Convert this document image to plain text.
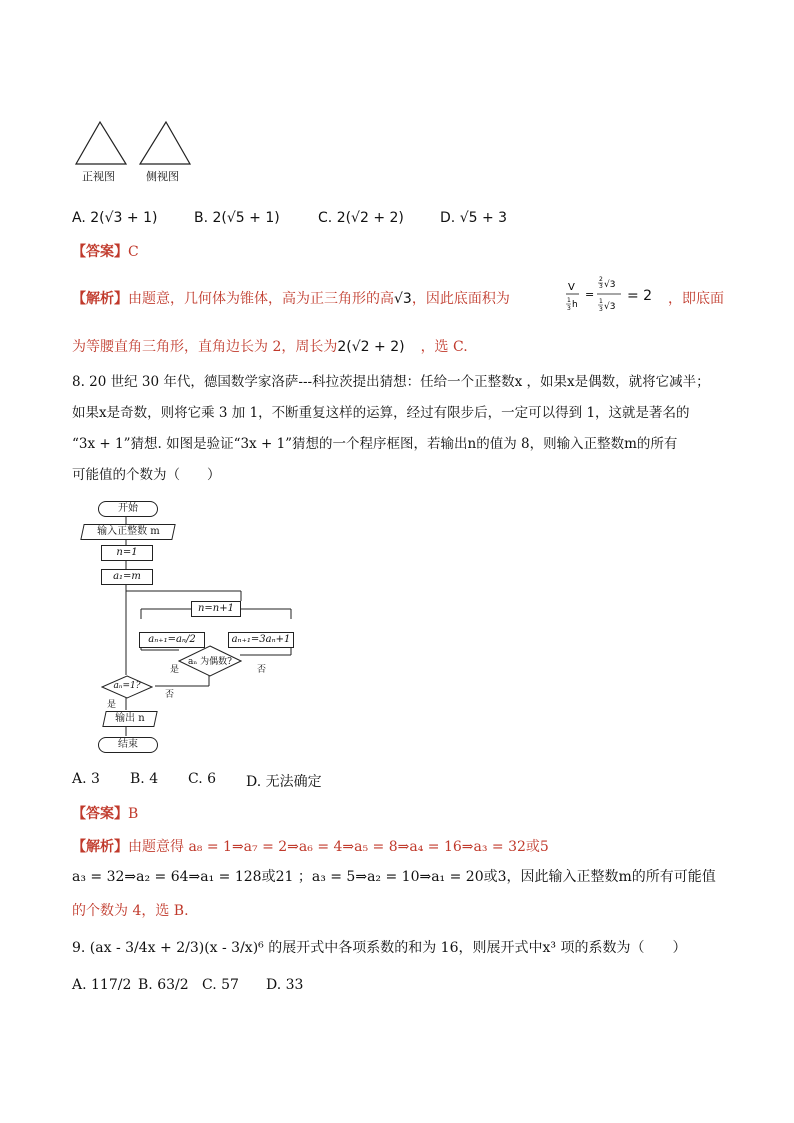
正视图	侧视图
A. 2(√3 + 1)	B. 2(√5 + 1)	C. 2(√2 + 2)	D. √5 + 3
【答案】C
【解析】由题意，几何体为锥体，高为正三角形的高√3，因此底面积为
V
1
3 h
=
2
3 √3
1
3 √3
= 2 ，即底面
为等腰直角三角形，直角边长为 2，周长为2(√2 + 2) ，选 C.
8. 20 世纪 30 年代，德国数学家洛萨---科拉茨提出猜想：任给一个正整数x ，如果x是偶数，就将它减半；
如果x是奇数，则将它乘 3 加 1，不断重复这样的运算，经过有限步后，一定可以得到 1，这就是著名的
“3x + 1”猜想. 如图是验证“3x + 1”猜想的一个程序框图，若输出n的值为 8，则输入正整数m的所有
可能值的个数为（　　）
开始
输入正整数 m
n=1
a₁=m
n=n+1
aₙ₊₁=aₙ/2	aₙ₊₁=3aₙ+1
aₙ 为偶数?
是	否
aₙ=1?
是
否
输出 n
结束
A. 3 B. 4 C. 6 D. 无法确定
【答案】B
【解析】由题意得 a₈ = 1⇒a₇ = 2⇒a₆ = 4⇒a₅ = 8⇒a₄ = 16⇒a₃ = 32或5
a₃ = 32⇒a₂ = 64⇒a₁ = 128或21 ；a₃ = 5⇒a₂ = 10⇒a₁ = 20或3，因此输入正整数m的所有可能值
的个数为 4，选 B.
9. (ax - 3/4x + 2/3)(x - 3/x)⁶ 的展开式中各项系数的和为 16，则展开式中x³ 项的系数为（　　）
A. 117/2 B. 63/2 C. 57 D. 33
